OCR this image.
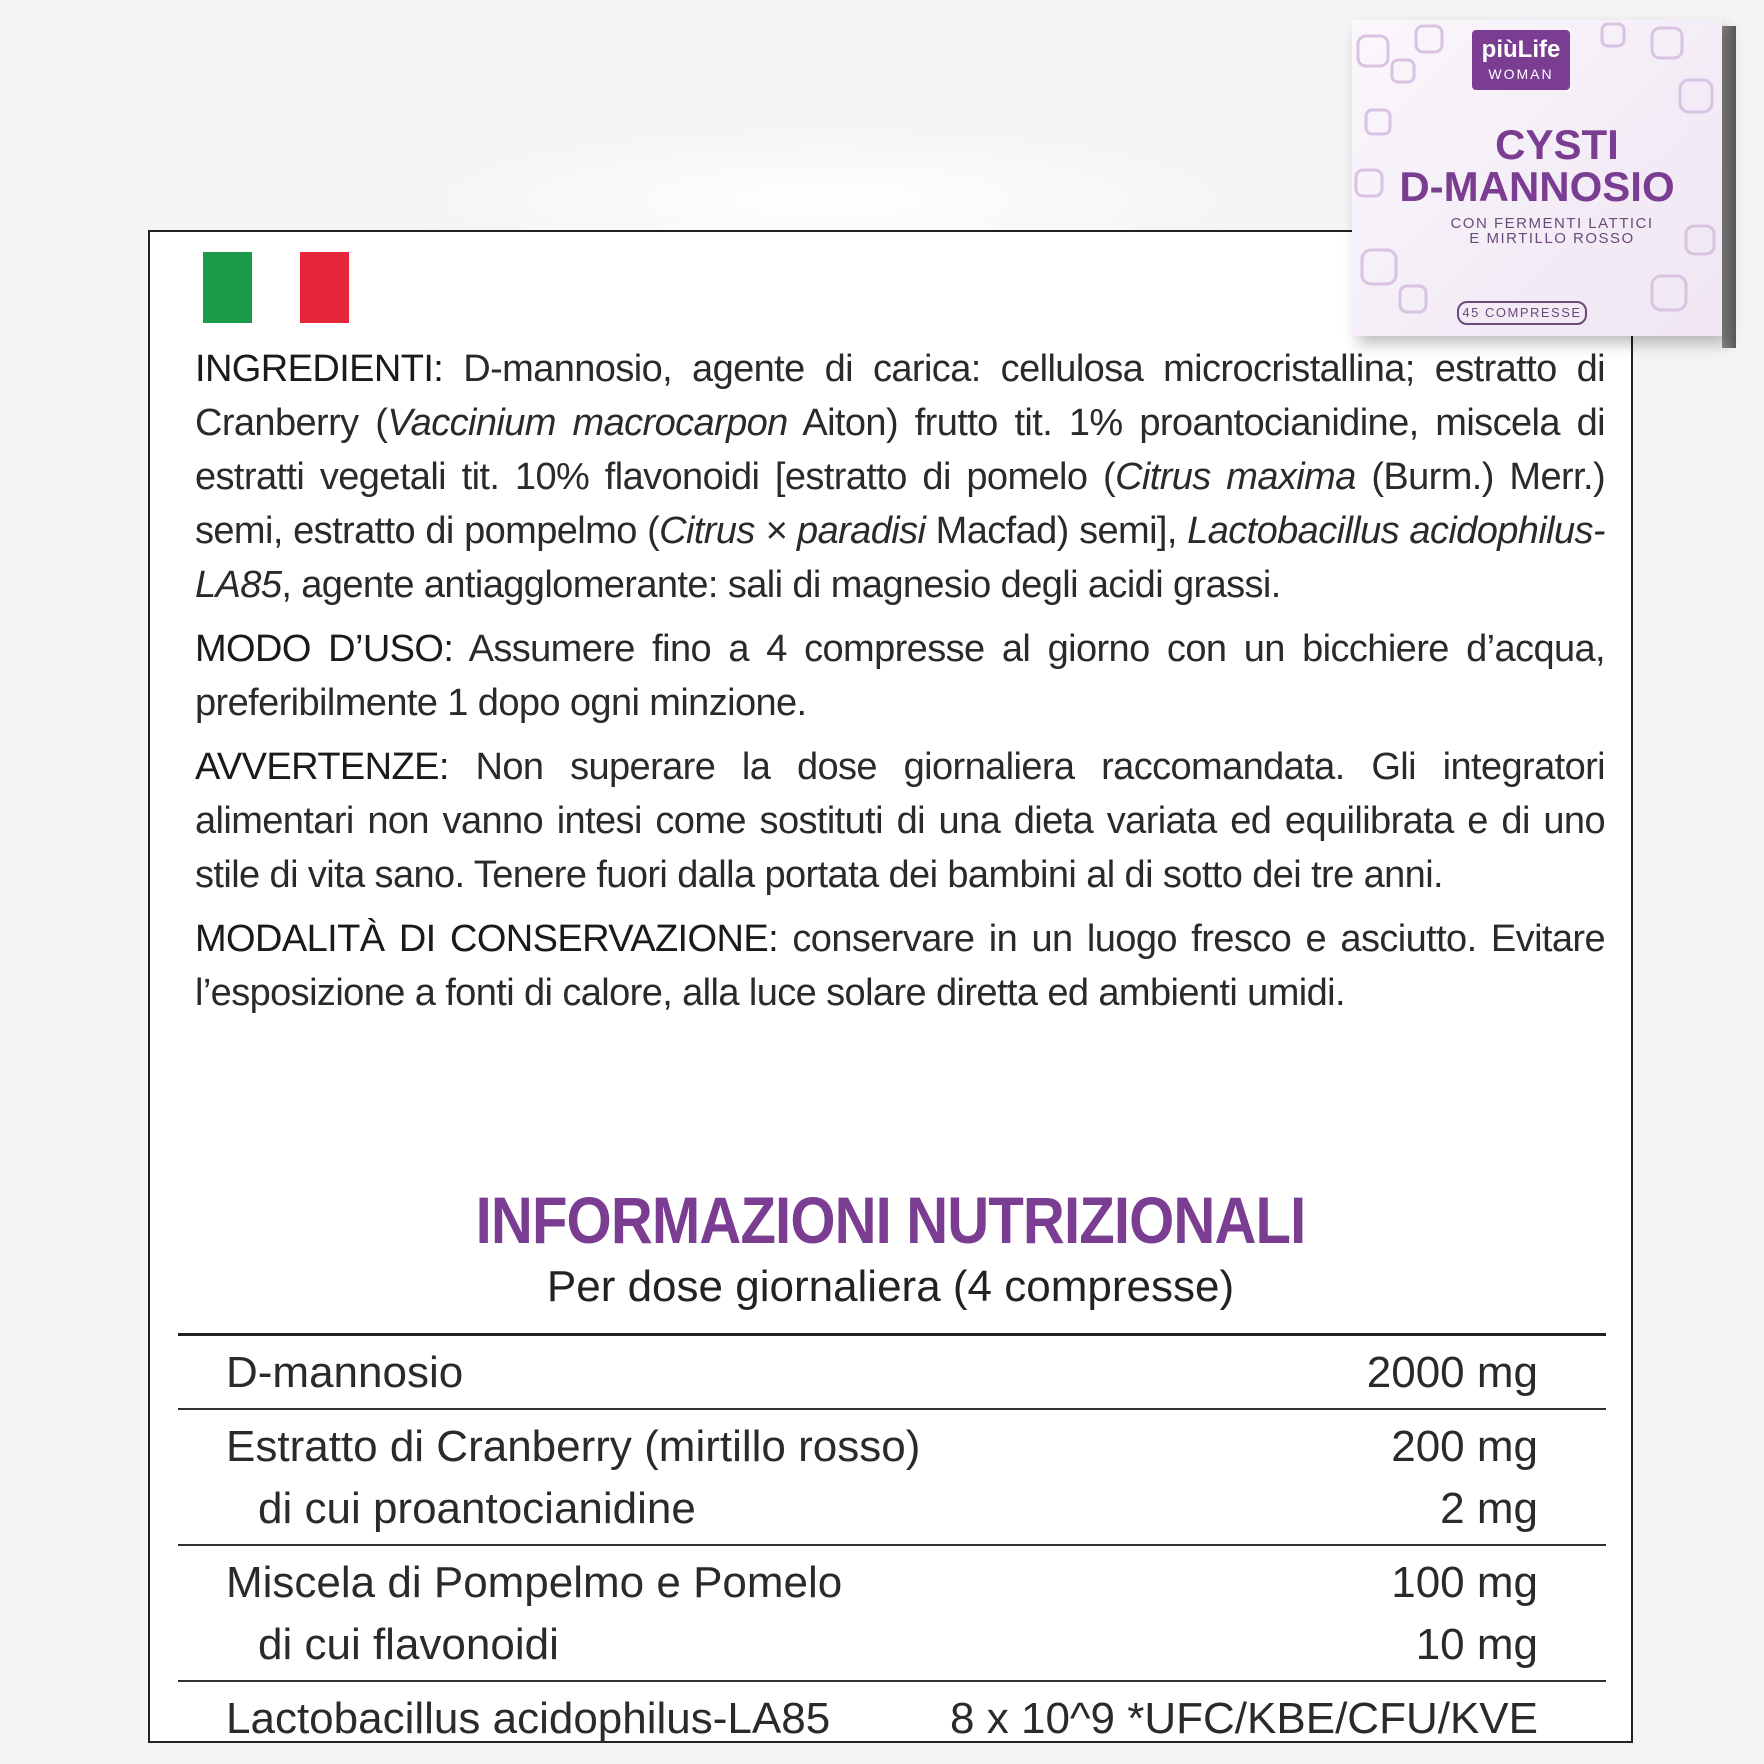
INGREDIENTI: D-mannosio, agente di carica: cellulosa microcristallina; estratto di Cranberry (Vaccinium macrocarpon Aiton) frutto tit. 1% proantocianidine, miscela di estratti vegetali tit. 10% flavonoidi [estratto di pomelo (Citrus maxima (Burm.) Merr.) semi, estratto di pompelmo (Citrus × paradisi Macfad) semi], Lactobacillus acidophilus-LA85, agente antiagglomerante: sali di magnesio degli acidi grassi.

MODO D’USO: Assumere fino a 4 compresse al giorno con un bicchiere d’acqua, preferibilmente 1 dopo ogni minzione.

AVVERTENZE: Non superare la dose giornaliera raccomandata. Gli integratori alimentari non vanno intesi come sostituti di una dieta variata ed equilibrata e di uno stile di vita sano. Tenere fuori dalla portata dei bambini al di sotto dei tre anni.

MODALITÀ DI CONSERVAZIONE: conservare in un luogo fresco e asciutto. Evitare l’esposizione a fonti di calore, alla luce solare diretta ed ambienti umidi.

INFORMAZIONI NUTRIZIONALI
Per dose giornaliera (4 compresse)
D-mannosio	2000 mg
Estratto di Cranberry (mirtillo rosso)	200 mg
di cui proantocianidine	2 mg
Miscela di Pompelmo e Pomelo	100 mg
di cui flavonoidi	10 mg
Lactobacillus acidophilus-LA85	8 x 10^9 *UFC/KBE/CFU/KVE
piùLife
WOMAN
CYSTI
D-MANNOSIO
CON FERMENTI LATTICI
E MIRTILLO ROSSO
45 COMPRESSE
